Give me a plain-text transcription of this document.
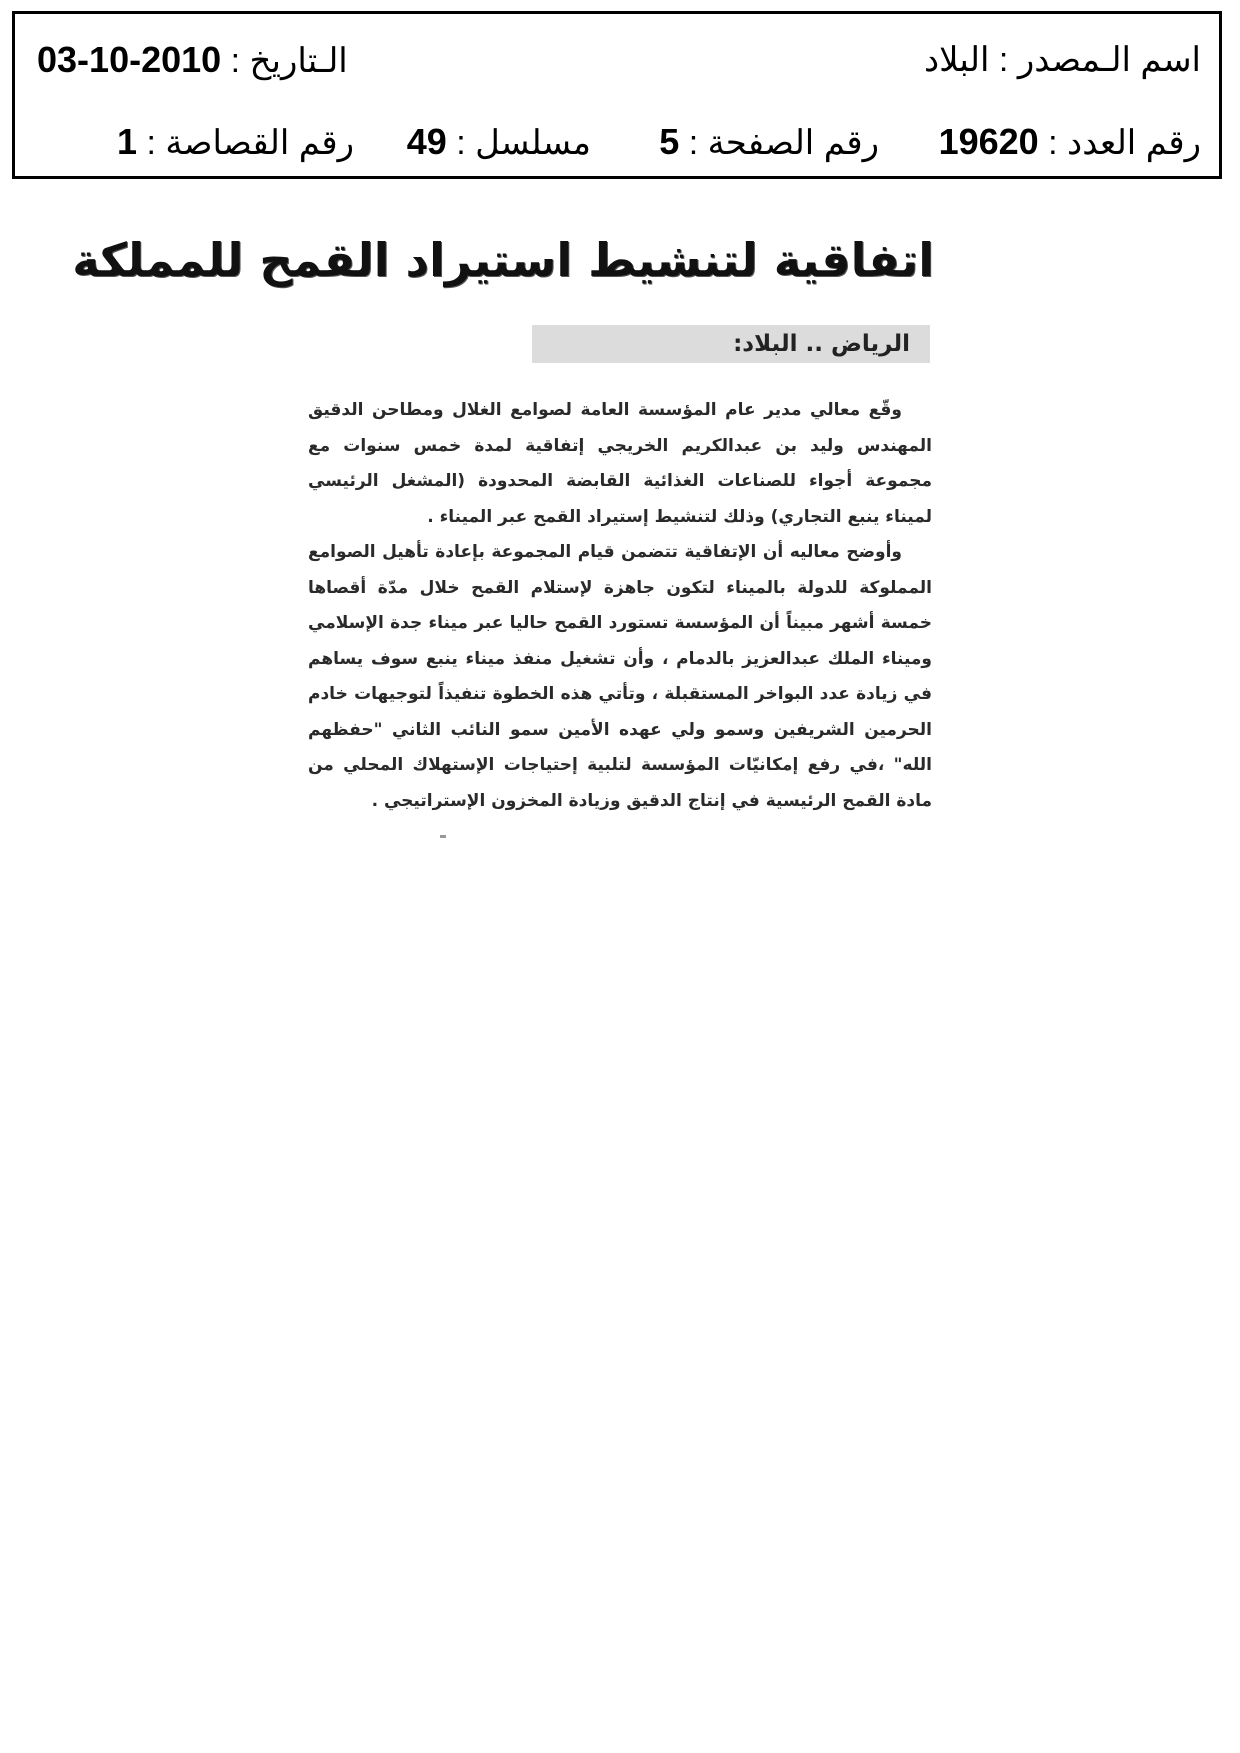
اسم الـمصدر : البلاد
الـتاريخ : 2010-10-03
رقم العدد : 19620
رقم الصفحة : 5
مسلسل : 49
رقم القصاصة : 1
اتفاقية لتنشيط استيراد القمح للمملكة
الرياض .. البلاد:

وقّع معالي مدير عام المؤسسة العامة لصوامع الغلال ومطاحن الدقيق المهندس وليد بن عبدالكريم الخريجي إتفاقية لمدة خمس سنوات مع مجموعة أجواء للصناعات الغذائية القابضة المحدودة (المشغل الرئيسي لميناء ينبع التجاري) وذلك لتنشيط إستيراد القمح عبر الميناء .

وأوضح معاليه أن الإتفاقية تتضمن قيام المجموعة بإعادة تأهيل الصوامع المملوكة للدولة بالميناء لتكون جاهزة لإستلام القمح خلال مدّة أقصاها خمسة أشهر مبيناً أن المؤسسة تستورد القمح حاليا عبر ميناء جدة الإسلامي وميناء الملك عبدالعزيز بالدمام ، وأن تشغيل منفذ ميناء ينبع سوف يساهم في زيادة عدد البواخر المستقبلة ، وتأتي هذه الخطوة تنفيذاً لتوجيهات خادم الحرمين الشريفين وسمو ولي عهده الأمين سمو النائب الثاني "حفظهم الله" ،في رفع إمكانيّات المؤسسة لتلبية إحتياجات الإستهلاك المحلي من مادة القمح الرئيسية في إنتاج الدقيق وزيادة المخزون الإستراتيجي .
